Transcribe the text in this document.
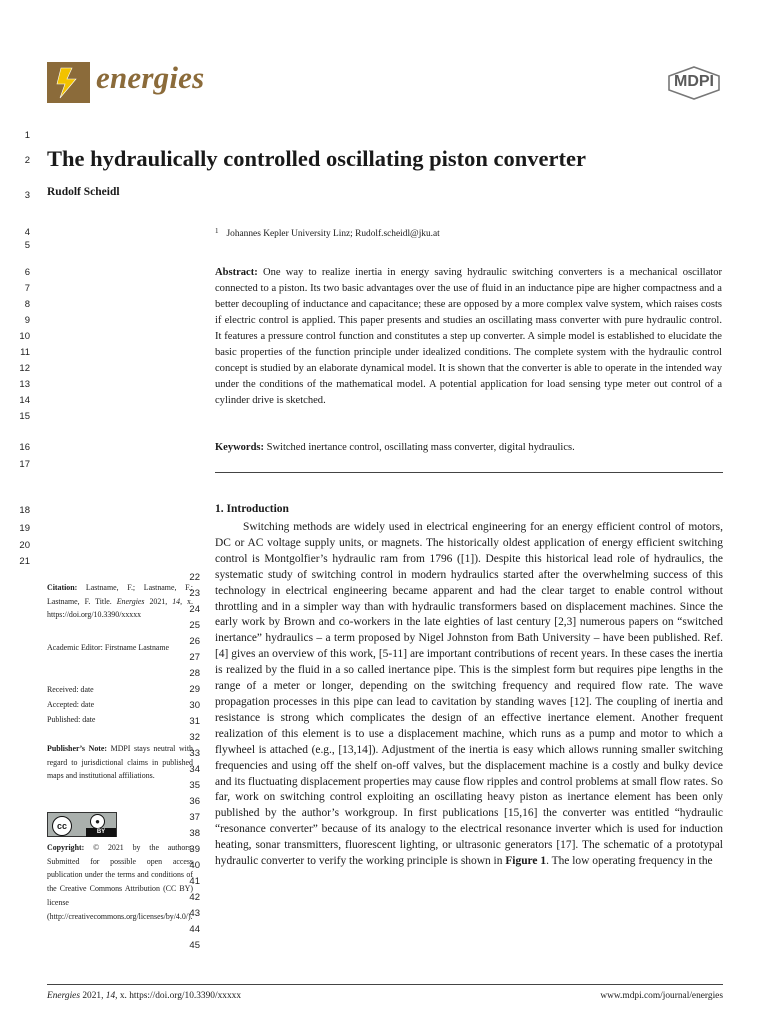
energies	MDPI
The hydraulically controlled oscillating piston converter
Rudolf Scheidl
$^1$ Johannes Kepler University Linz; Rudolf.scheidl@jku.at
Abstract: One way to realize inertia in energy saving hydraulic switching converters is a mechanical oscillator connected to a piston. Its two basic advantages over the use of fluid in an inductance pipe are higher compactness and a better decoupling of inductance and capacitance; these are opposed by a more complex valve system, which raises costs if electric control is applied. This paper presents and studies an oscillating mass converter with pure hydraulic control. It features a pressure control function and constitutes a step up converter. A simple model is established to elucidate the basic properties of the function principle under idealized conditions. The complete system with the hydraulic control concept is studied by an elaborate dynamical model. It is shown that the converter is able to operate in the intended way under the conditions of the mathematical model. A potential application for load sensing type meter out control of a cylinder drive is sketched.
Keywords: Switched inertance control, oscillating mass converter, digital hydraulics.
1. Introduction
Switching methods are widely used in electrical engineering for an energy efficient control of motors, DC or AC voltage supply units, or magnets. The historically oldest application of energy efficient switching control is Montgolfier’s hydraulic ram from 1796 ([1]). Despite this historical lead role of hydraulics, the systematic study of switching control in modern hydraulics started after the overwhelming success of this technology in electrical engineering became apparent and had the clear target to enable control without throttling and in a simpler way than with hydraulic transformers based on displacement machines. Since the early work by Brown and co-workers in the late eighties of last century [2,3] numerous papers on “switched inertance” hydraulics – a term proposed by Nigel Johnston from Bath University – have been published. Ref. [4] gives an overview of this work, [5-11] are important contributions of recent years. In these cases the inertia is realized by the fluid in a so called inertance pipe. This is the simplest form but requires pipe lengths in the range of a meter or longer, depending on the switching frequency and required flow rate. The wave propagation processes in this pipe can lead to cavitation by standing waves [12]. The coupling of inertia and resistance is strong which complicates the design of an effective inertance element. Another frequent realization of this element is to use a displacement machine, which runs as a pump and motor to which a flywheel is attached (e.g., [13,14]). Adjustment of the inertia is easy which allows running smaller switching frequencies and using off the shelf on-off valves, but the displacement machine is a costly and bulky device and its fluctuating displacement properties may cause flow ripples and control problems at small flow rates. So far, work on switching control exploiting an oscillating heavy piston as inertance element has been only published by the author’s workgroup. In first publications [15,16] the converter was entitled “hydraulic “resonance converter” because of its analogy to the electrical resonance inverter which is used for induction heating, sonar transmitters, fluorescent lighting, or ultrasonic generators [17]. The schematic of a prototypal hydraulic converter to verify the working principle is shown in Figure 1. The low operating frequency in the
1
2
3
4
5
6
7
8
9
10
11
12
13
14
15
16
17
18
19
20
21
22
23
24
25
26
27
28
29
30
31
32
33
34
35
36
37
38
39
40
41
42
43
44
45
Citation: Lastname, F.; Lastname, F.; Lastname, F. Title. Energies 2021, 14, x. https://doi.org/10.3390/xxxxx
Academic Editor: Firstname Lastname
Received: date
Accepted: date
Published: date
Publisher’s Note: MDPI stays neutral with regard to jurisdictional claims in published maps and institutional affiliations.
cc	●
BY
Copyright: © 2021 by the authors. Submitted for possible open access publication under the terms and conditions of the Creative Commons Attribution (CC BY) license (http://creativecommons.org/licenses/by/4.0/).
Energies 2021, 14, x. https://doi.org/10.3390/xxxxx	www.mdpi.com/journal/energies
